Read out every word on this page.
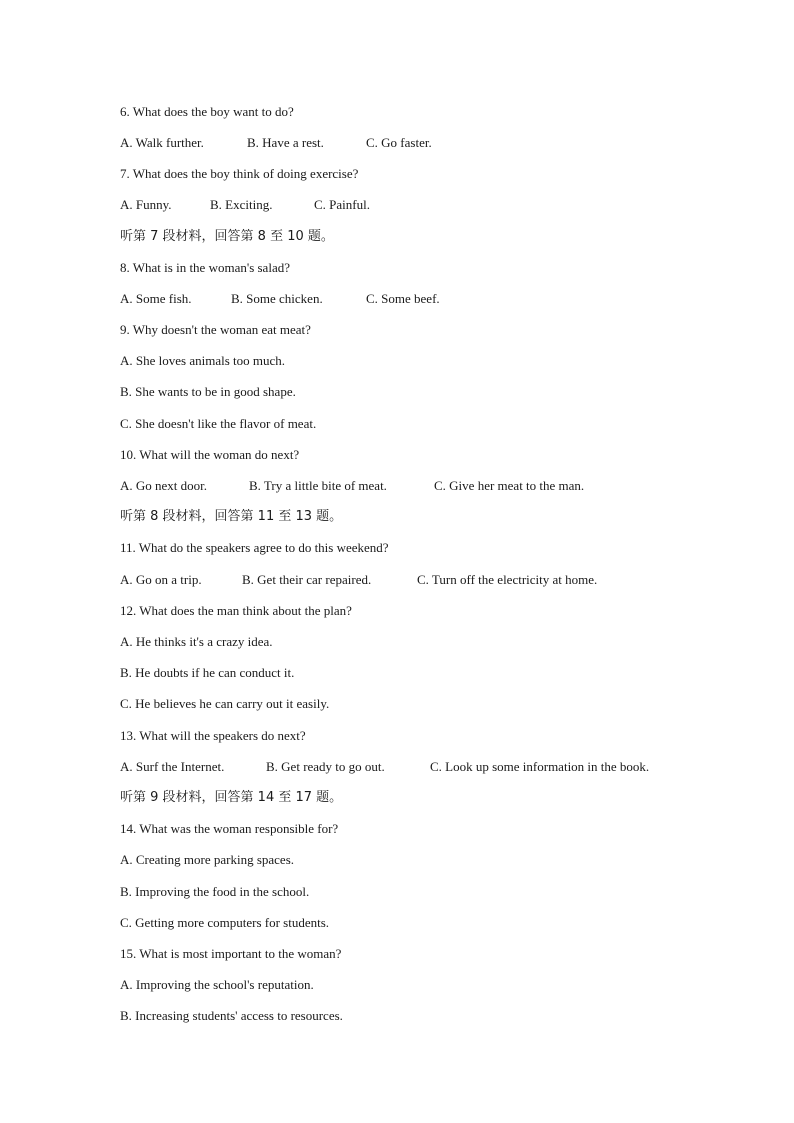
6. What does the boy want to do?
A. Walk further.	B. Have a rest.	C. Go faster.
7. What does the boy think of doing exercise?
A. Funny.	B. Exciting.	C. Painful.
听第 7 段材料，回答第 8 至 10 题。
8. What is in the woman's salad?
A. Some fish.	B. Some chicken.	C. Some beef.
9. Why doesn't the woman eat meat?
A. She loves animals too much.
B. She wants to be in good shape.
C. She doesn't like the flavor of meat.
10. What will the woman do next?
A. Go next door.	B. Try a little bite of meat.	C. Give her meat to the man.
听第 8 段材料，回答第 11 至 13 题。
11. What do the speakers agree to do this weekend?
A. Go on a trip.	B. Get their car repaired.	C. Turn off the electricity at home.
12. What does the man think about the plan?
A. He thinks it's a crazy idea.
B. He doubts if he can conduct it.
C. He believes he can carry out it easily.
13. What will the speakers do next?
A. Surf the Internet.	B. Get ready to go out.	C. Look up some information in the book.
听第 9 段材料，回答第 14 至 17 题。
14. What was the woman responsible for?
A. Creating more parking spaces.
B. Improving the food in the school.
C. Getting more computers for students.
15. What is most important to the woman?
A. Improving the school's reputation.
B. Increasing students' access to resources.
